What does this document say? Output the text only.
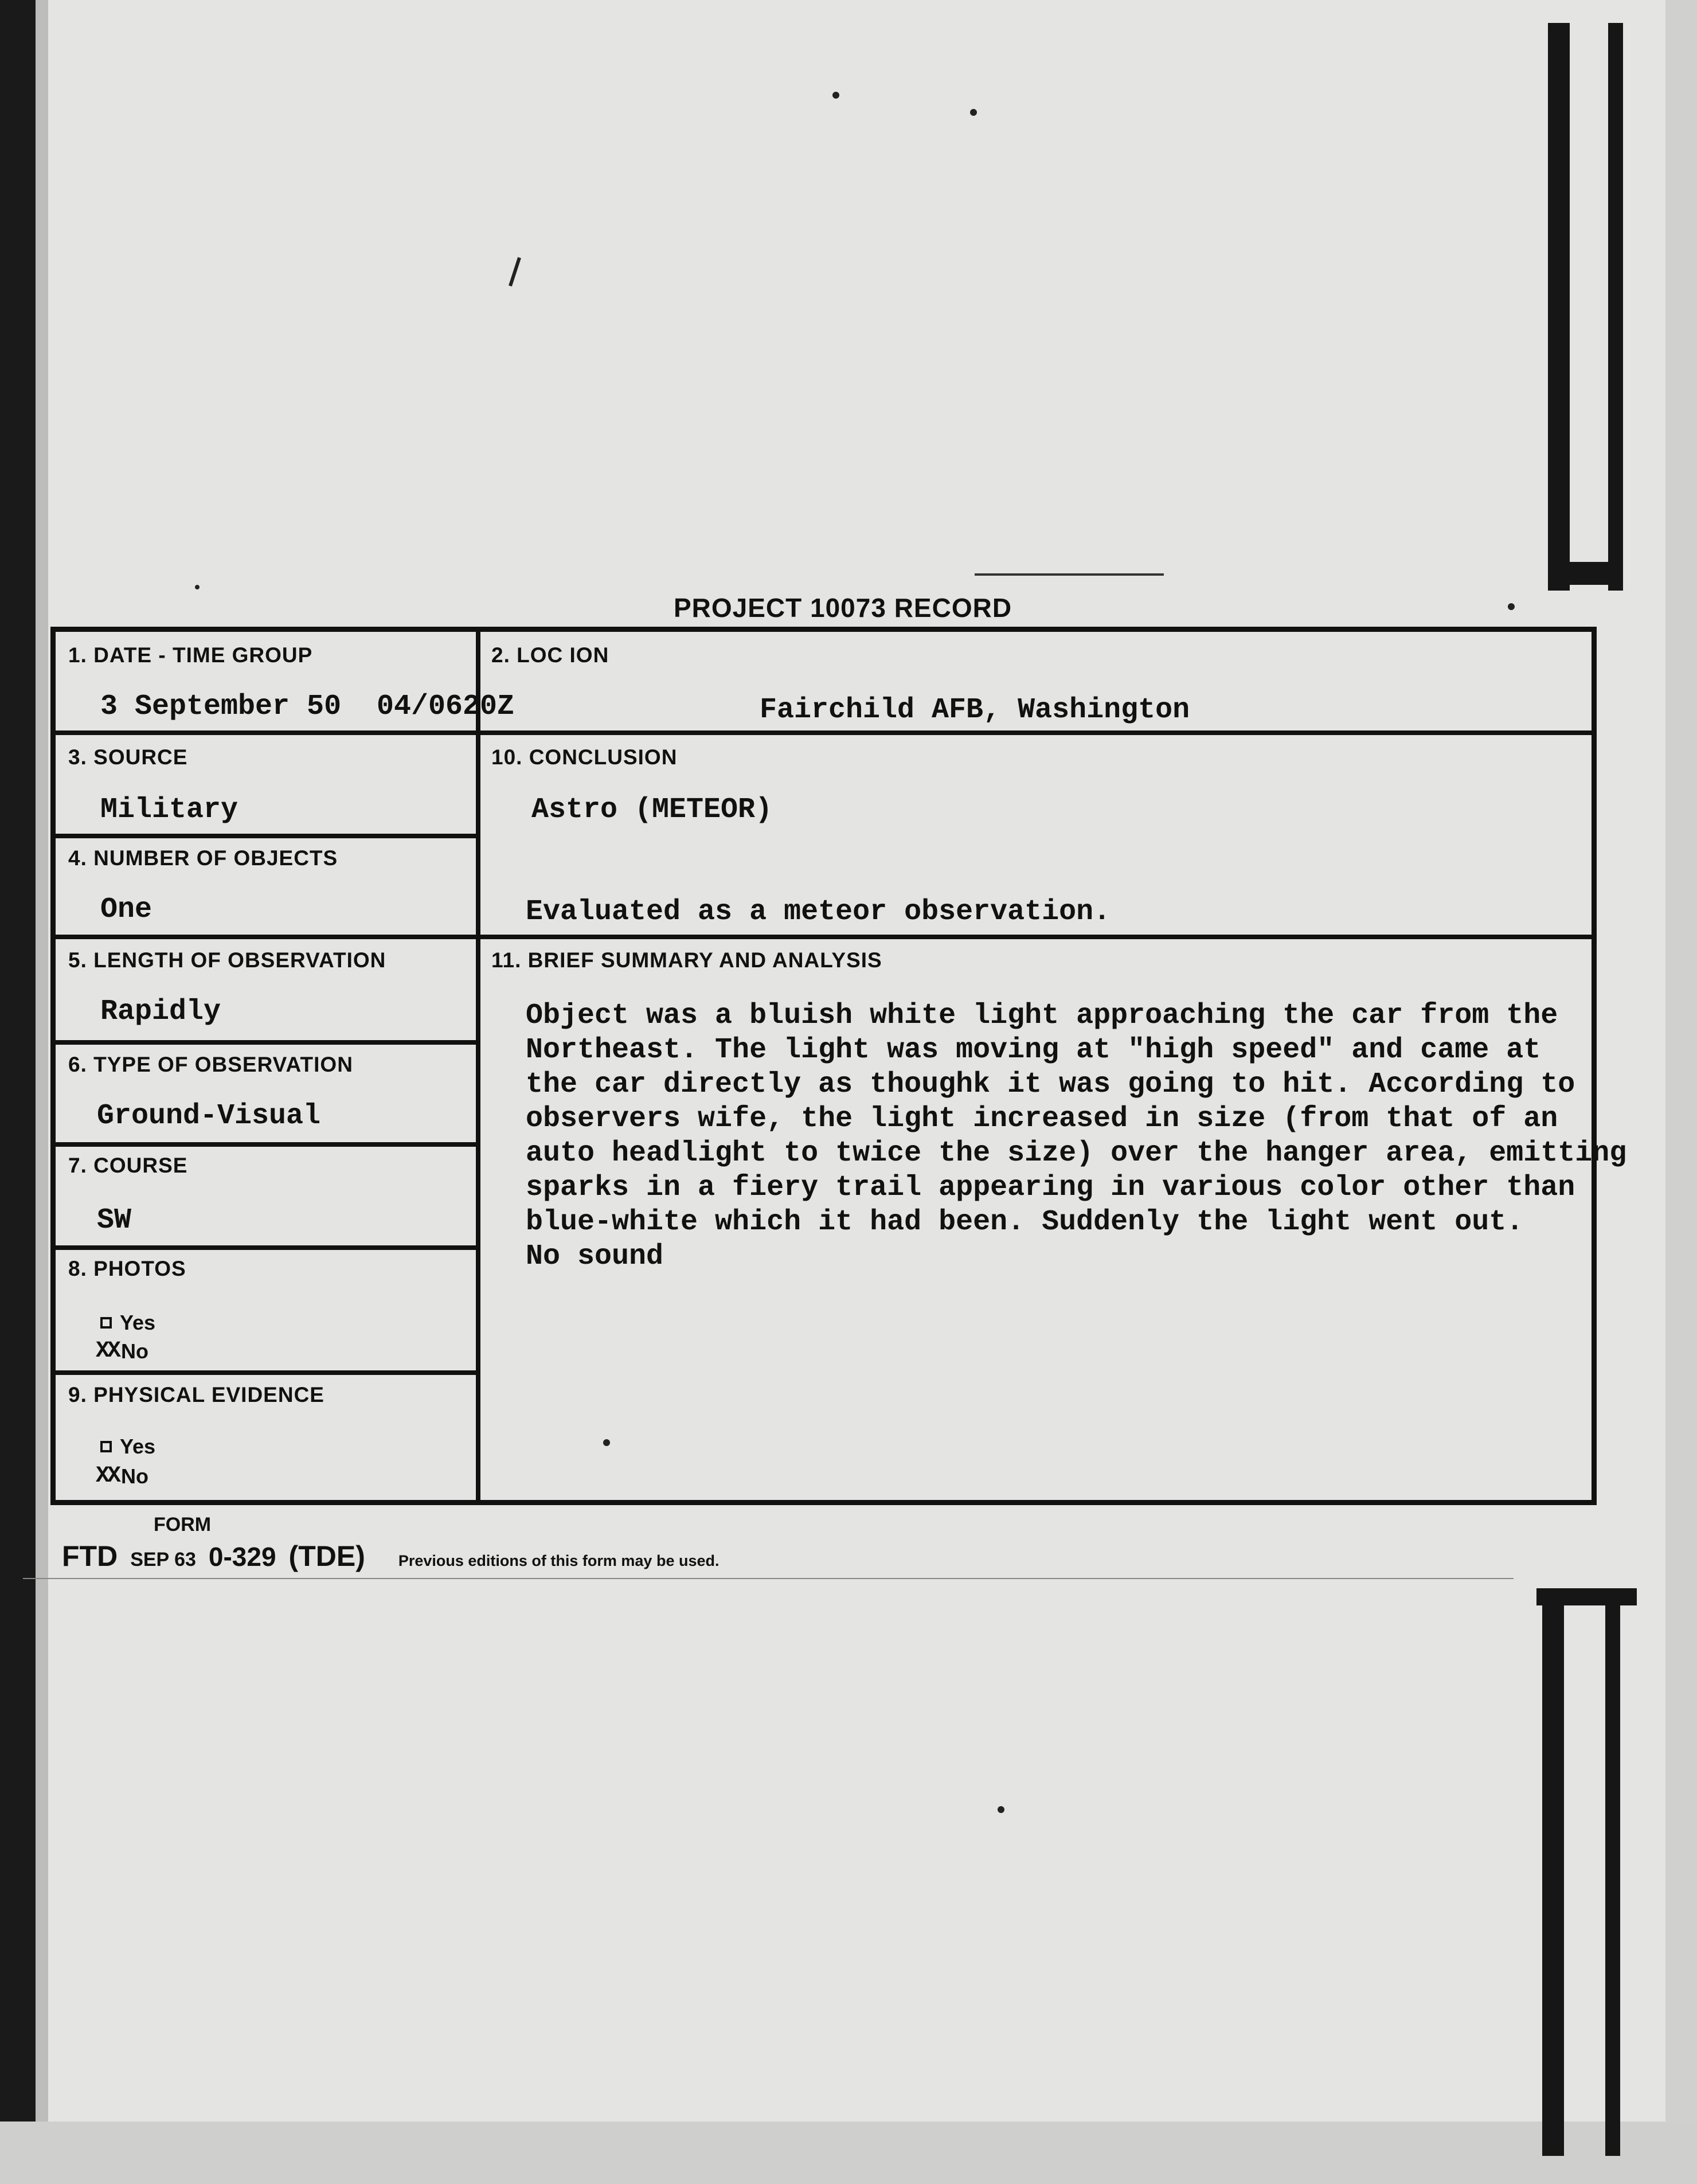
PROJECT 10073 RECORD
1. DATE - TIME GROUP
3 September 50 04/0620Z
2. LOC ION
Fairchild AFB, Washington
3. SOURCE
Military
10. CONCLUSION
Astro (METEOR)
Evaluated as a meteor observation.
4. NUMBER OF OBJECTS
One
5. LENGTH OF OBSERVATION
Rapidly
11. BRIEF SUMMARY AND ANALYSIS
Object was a bluish white light approaching the car from the
Northeast. The light was moving at "high speed" and came at
the car directly as thoughk it was going to hit. According to
observers wife, the light increased in size (from that of an
auto headlight to twice the size) over the hanger area, emitting
sparks in a fiery trail appearing in various color other than
blue-white which it had been. Suddenly the light went out.
No sound
6. TYPE OF OBSERVATION
Ground-Visual
7. COURSE
SW
8. PHOTOS
Yes
XX No
9. PHYSICAL EVIDENCE
Yes
XX No
FORM
FTD SEP 63 0-329 (TDE) Previous editions of this form may be used.
